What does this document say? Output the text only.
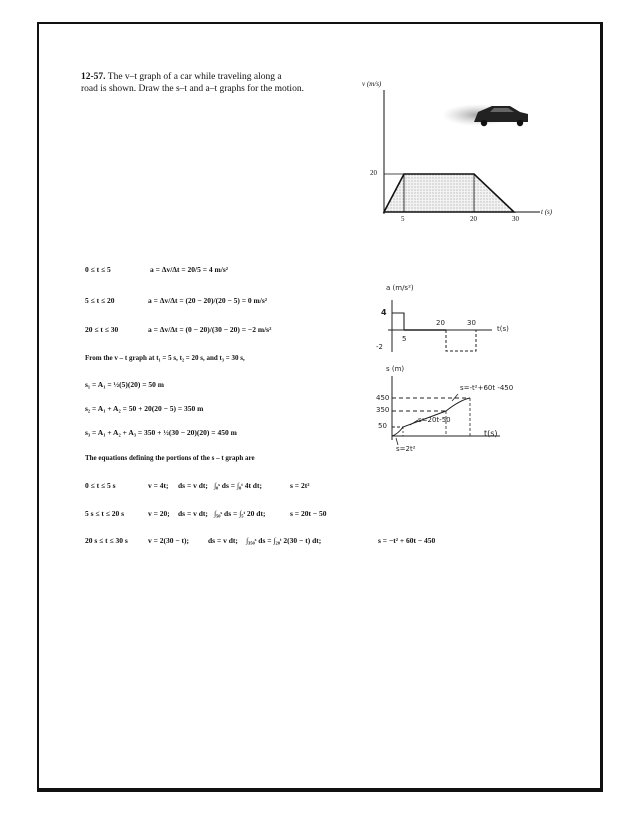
12-57. The v–t graph of a car while traveling along a
road is shown. Draw the s–t and a–t graphs for the motion.	v (m/s)
t (s)
20
5	20	30
a (m/s²)
4
-2
5
20	30
t(s)
s (m)
450
350
50
s=-t²+60t -450
s=20t-50
s=2t²
t(s)
0 ≤ t ≤ 5	a = Δv/Δt = 20/5 = 4 m/s²
5 ≤ t ≤ 20	a = Δv/Δt = (20 − 20)/(20 − 5) = 0 m/s²
20 ≤ t ≤ 30	a = Δv/Δt = (0 − 20)/(30 − 20) = −2 m/s²
From the v – t graph at t₁ = 5 s, t₂ = 20 s, and t₃ = 30 s,
s₁ = A₁ = ½(5)(20) = 50 m
s₂ = A₁ + A₂ = 50 + 20(20 − 5) = 350 m
s₃ = A₁ + A₂ + A₃ = 350 + ½(30 − 20)(20) = 450 m
The equations defining the portions of the s – t graph are
0 ≤ t ≤ 5 s	v = 4t; ds = v dt; ∫₀ˢ ds = ∫₀ᵗ 4t dt;	s = 2t²
5 s ≤ t ≤ 20 s	v = 20; ds = v dt; ∫₅₀ˢ ds = ∫₅ᵗ 20 dt;	s = 20t − 50
20 s ≤ t ≤ 30 s	v = 2(30 − t);	ds = v dt; ∫₃₅₀ˢ ds = ∫₂₀ᵗ 2(30 − t) dt;	s = −t² + 60t − 450
